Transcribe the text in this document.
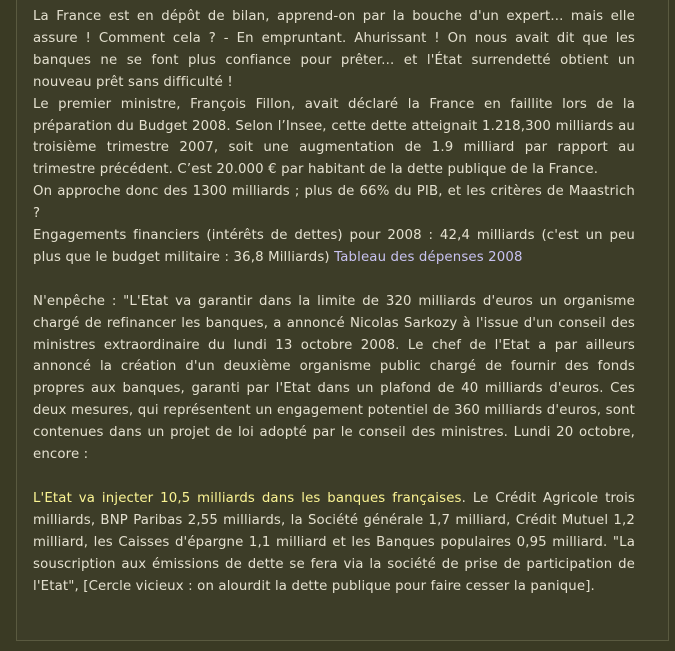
La France est en dépôt de bilan, apprend-on par la bouche d'un expert... mais elle assure ! Comment cela ? - En empruntant. Ahurissant ! On nous avait dit que les banques ne se font plus confiance pour prêter... et l'État surrendetté obtient un nouveau prêt sans difficulté !

Le premier ministre, François Fillon, avait déclaré la France en faillite lors de la préparation du Budget 2008. Selon l’Insee, cette dette atteignait 1.218,300 milliards au troisième trimestre 2007, soit une augmentation de 1.9 milliard par rapport au trimestre précédent. C’est 20.000 € par habitant de la dette publique de la France.

On approche donc des 1300 milliards ; plus de 66% du PIB, et les critères de Maastrich ?

Engagements financiers (intérêts de dettes) pour 2008 : 42,4 milliards (c'est un peu plus que le budget militaire : 36,8 Milliards) Tableau des dépenses 2008

N'enpêche : "L'Etat va garantir dans la limite de 320 milliards d'euros un organisme chargé de refinancer les banques, a annoncé Nicolas Sarkozy à l'issue d'un conseil des ministres extraordinaire du lundi 13 octobre 2008. Le chef de l'Etat a par ailleurs annoncé la création d'un deuxième organisme public chargé de fournir des fonds propres aux banques, garanti par l'Etat dans un plafond de 40 milliards d'euros. Ces deux mesures, qui représentent un engagement potentiel de 360 milliards d'euros, sont contenues dans un projet de loi adopté par le conseil des ministres. Lundi 20 octobre, encore :

L'Etat va injecter 10,5 milliards dans les banques françaises. Le Crédit Agricole trois milliards, BNP Paribas 2,55 milliards, la Société générale 1,7 milliard, Crédit Mutuel 1,2 milliard, les Caisses d'épargne 1,1 milliard et les Banques populaires 0,95 milliard. "La souscription aux émissions de dette se fera via la société de prise de participation de l'Etat", [Cercle vicieux : on alourdit la dette publique pour faire cesser la panique].
